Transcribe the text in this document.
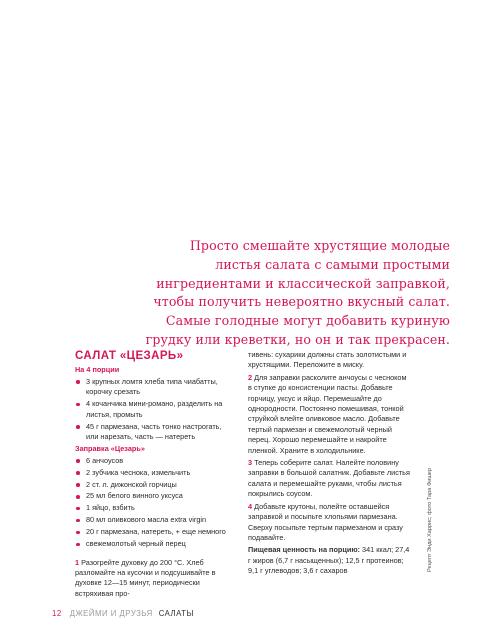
Просто смешайте хрустящие молодые
листья салата с самыми простыми
ингредиентами и классической заправкой,
чтобы получить невероятно вкусный салат.
Самые голодные могут добавить куриную
грудку или креветки, но он и так прекрасен.
САЛАТ «ЦЕЗАРЬ»
На 4 порции
3 крупных ломтя хлеба типа чиабатты, корочку срезать
4 кочанчика мини-романо, разделить на листья, промыть
45 г пармезана, часть тонко настрогать, или нарезать, часть — натереть
Заправка «Цезарь»
6 анчоусов
2 зубчика чеснока, измельчить
2 ст. л. дижонской горчицы
25 мл белого винного уксуса
1 яйцо, взбить
80 мл оливкового масла extra virgin
20 г пармезана, натереть, + еще немного
свежемолотый черный перец

1 Разогрейте духовку до 200 °С. Хлеб разломайте на кусочки и подсушивайте в духовке 12—15 минут, периодически встряхивая про-

тивень: сухарики должны стать золотистыми и хрустящими. Переложите в миску.

2 Для заправки расколите анчоусы с чесноком в ступке до консистенции пасты. Добавьте горчицу, уксус и яйцо. Перемешайте до однородности. Постоянно помешивая, тонкой струйкой влейте оливковое масло. Добавьте тертый пармезан и свежемолотый черный перец. Хорошо перемешайте и накройте пленкой. Храните в холодильнике.

3 Теперь соберите салат. Налейте половину заправки в большой салатник. Добавьте листья салата и перемешайте руками, чтобы листья покрылись соусом.

4 Добавьте крутоны, полейте оставшейся заправкой и посыпьте хлопьями пармезана. Сверху посыпьте тертым пармезаном и сразу подавайте.

Пищевая ценность на порцию: 341 ккал; 27,4 г жиров (6,7 г насыщенных); 12,5 г протеинов; 9,1 г углеводов; 3,6 г сахаров	Рецепт Энди Харрис; фото Тара Фишер
12 ДЖЕЙМИ И ДРУЗЬЯ САЛАТЫ
